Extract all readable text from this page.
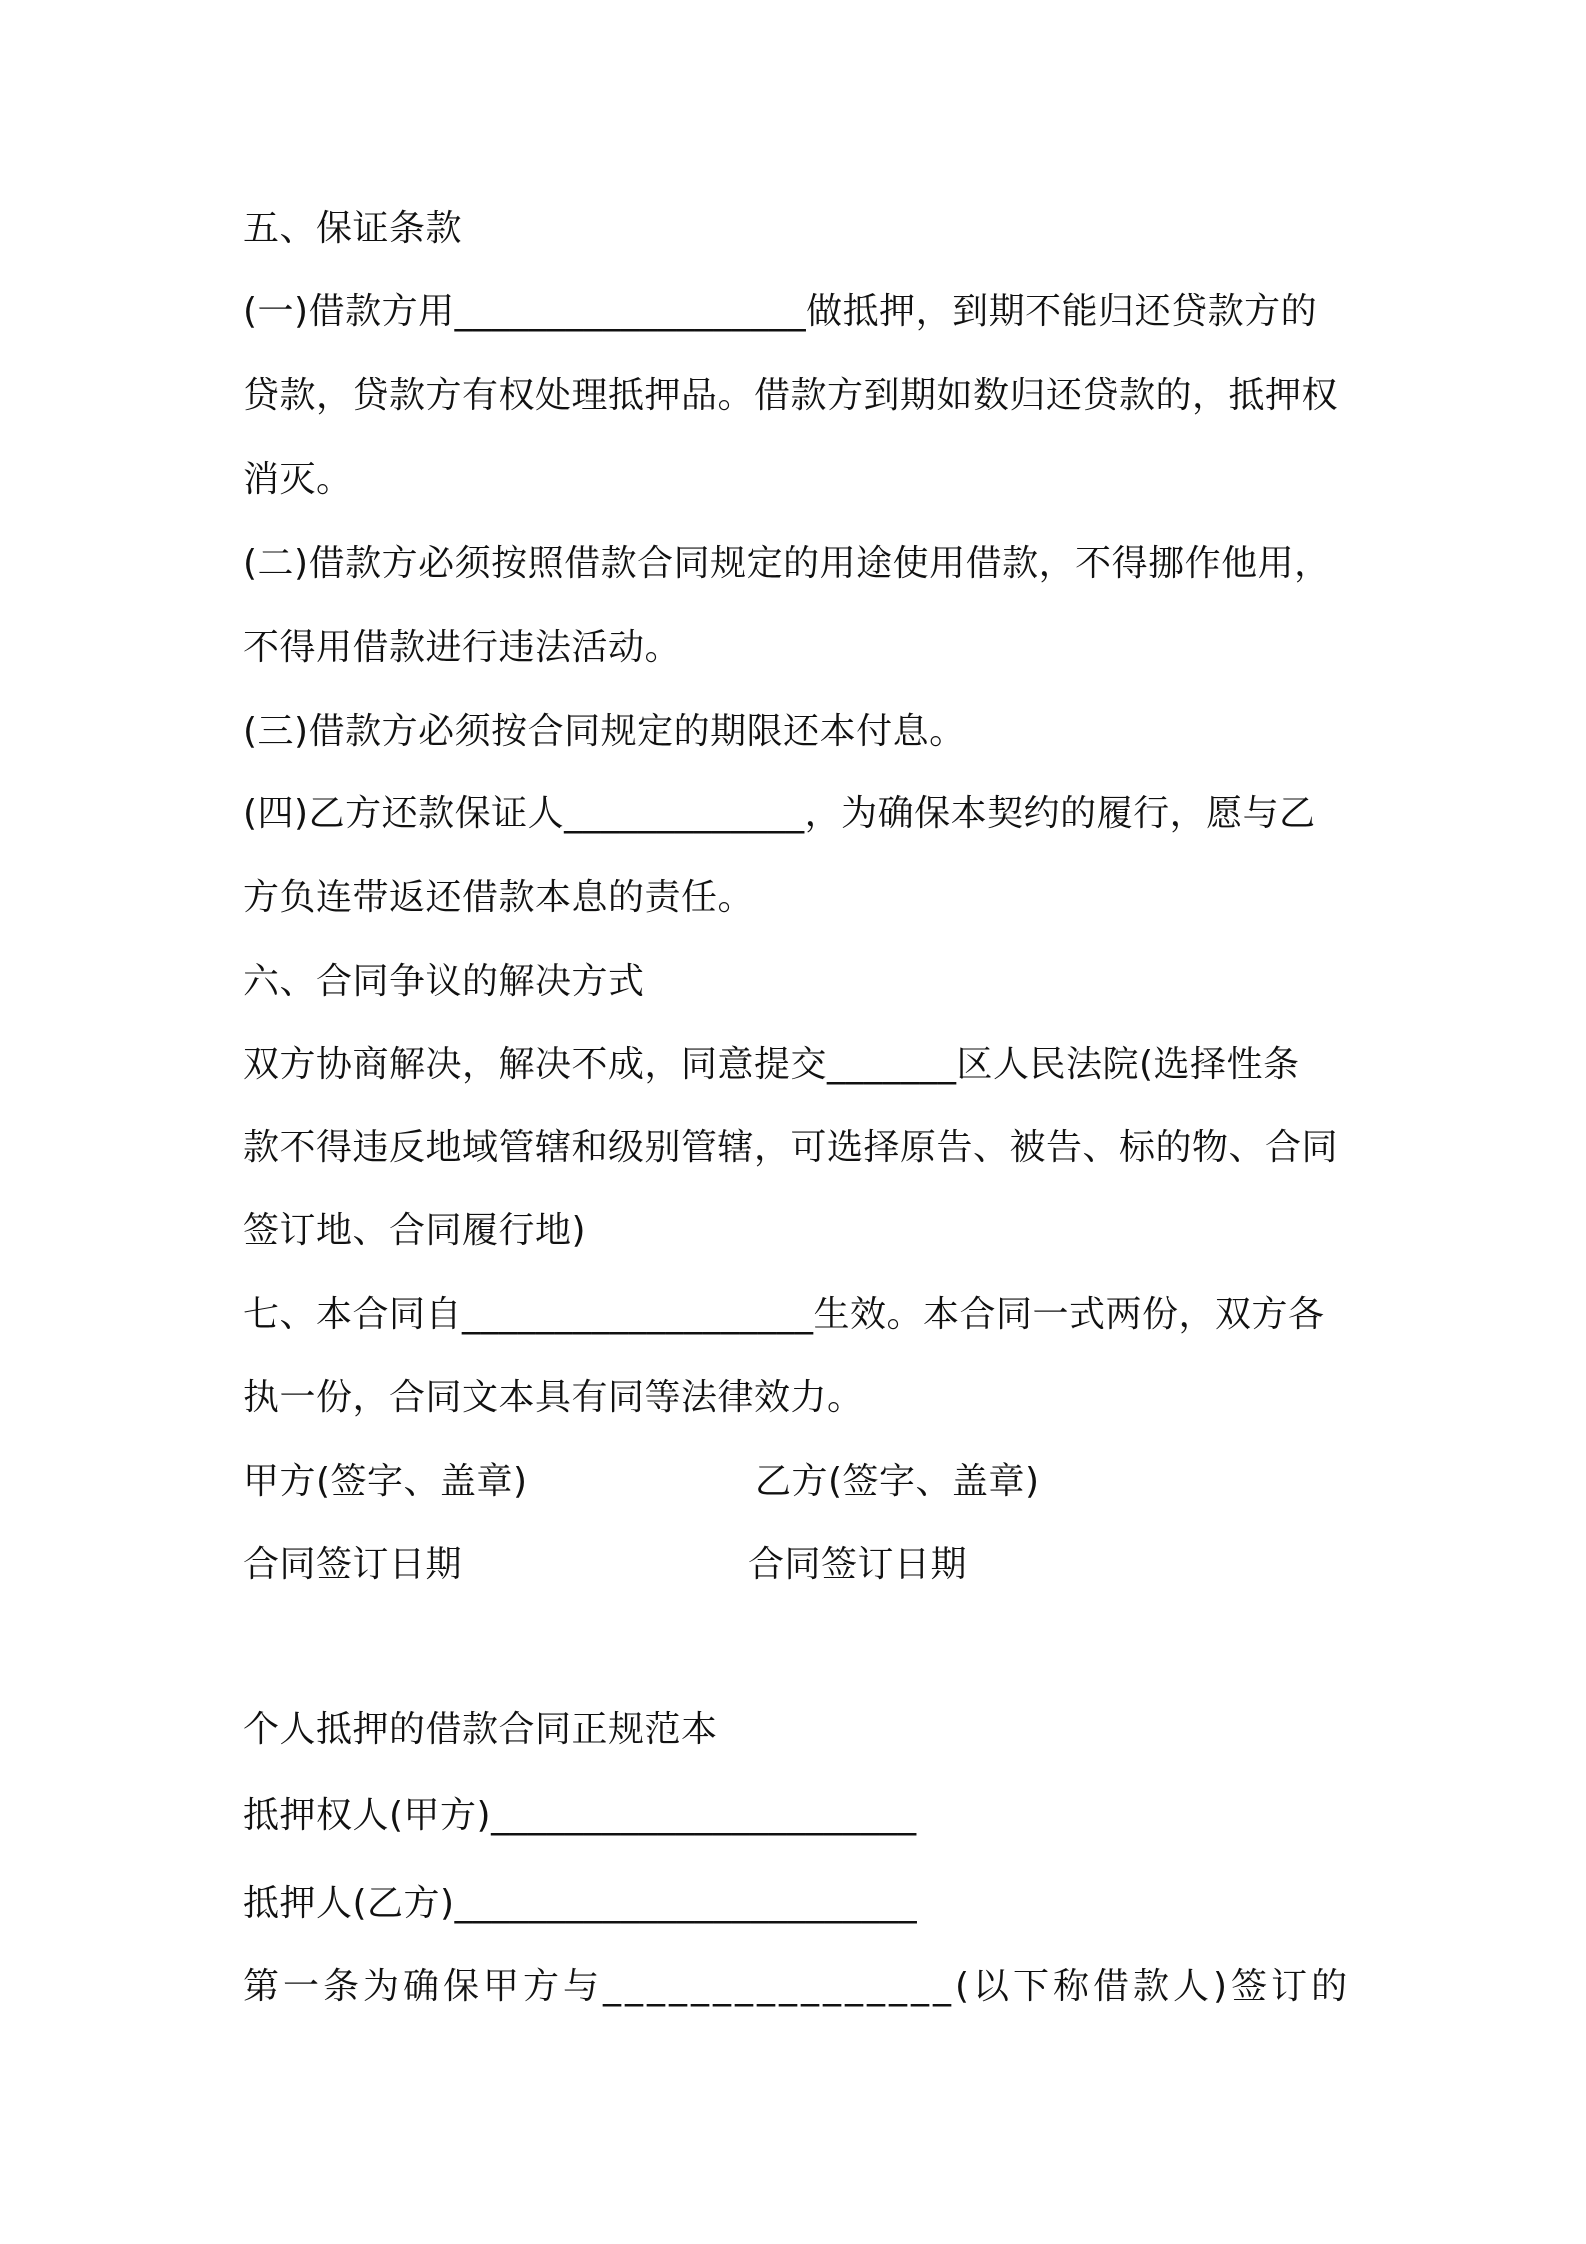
五、保证条款
(一)借款方用___________________做抵押，到期不能归还贷款方的
贷款，贷款方有权处理抵押品。借款方到期如数归还贷款的，抵押权
消灭。
(二)借款方必须按照借款合同规定的用途使用借款，不得挪作他用，
不得用借款进行违法活动。
(三)借款方必须按合同规定的期限还本付息。
(四)乙方还款保证人_____________，为确保本契约的履行，愿与乙
方负连带返还借款本息的责任。
六、合同争议的解决方式
双方协商解决，解决不成，同意提交_______区人民法院(选择性条
款不得违反地域管辖和级别管辖，可选择原告、被告、标的物、合同
签订地、合同履行地)
七、本合同自___________________生效。本合同一式两份，双方各
执一份，合同文本具有同等法律效力。
甲方(签字、盖章)	乙方(签字、盖章)
合同签订日期	合同签订日期
个人抵押的借款合同正规范本
抵押权人(甲方)_______________________
抵押人(乙方)_________________________
第一条为确保甲方与________________(以下称借款人)签订的
